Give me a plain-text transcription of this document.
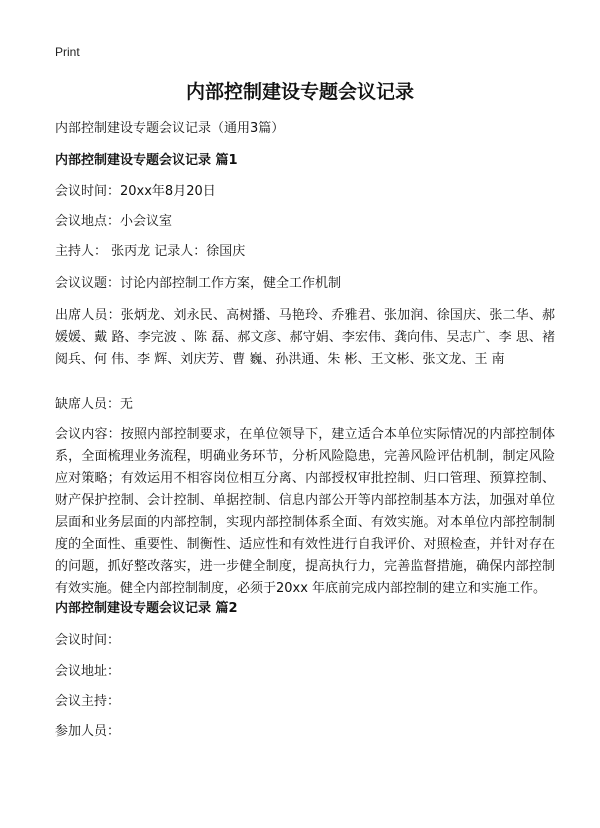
Print
内部控制建设专题会议记录

内部控制建设专题会议记录（通用3篇）

内部控制建设专题会议记录 篇1

会议时间：20xx年8月20日

会议地点：小会议室

主持人： 张丙龙 记录人：徐国庆

会议议题：讨论内部控制工作方案，健全工作机制

出席人员：张炳龙、刘永民、高树播、马艳玲、乔雅君、张加润、徐国庆、张二华、郝媛媛、戴 路、李完波 、陈 磊、郝文彦、郝守娟、李宏伟、龚向伟、吴志广、李 思、褚阅兵、何 伟、李 辉、刘庆芳、曹 巍、孙洪通、朱 彬、王文彬、张文龙、王 南

缺席人员：无

会议内容：按照内部控制要求，在单位领导下，建立适合本单位实际情况的内部控制体系，全面梳理业务流程，明确业务环节，分析风险隐患，完善风险评估机制，制定风险应对策略；有效运用不相容岗位相互分离、内部授权审批控制、归口管理、预算控制、财产保护控制、会计控制、单据控制、信息内部公开等内部控制基本方法，加强对单位层面和业务层面的内部控制，实现内部控制体系全面、有效实施。对本单位内部控制制度的全面性、重要性、制衡性、适应性和有效性进行自我评价、对照检查，并针对存在的问题，抓好整改落实，进一步健全制度，提高执行力，完善监督措施，确保内部控制有效实施。健全内部控制制度，必须于20xx 年底前完成内部控制的建立和实施工作。

内部控制建设专题会议记录 篇2

会议时间：

会议地址：

会议主持：

参加人员：
